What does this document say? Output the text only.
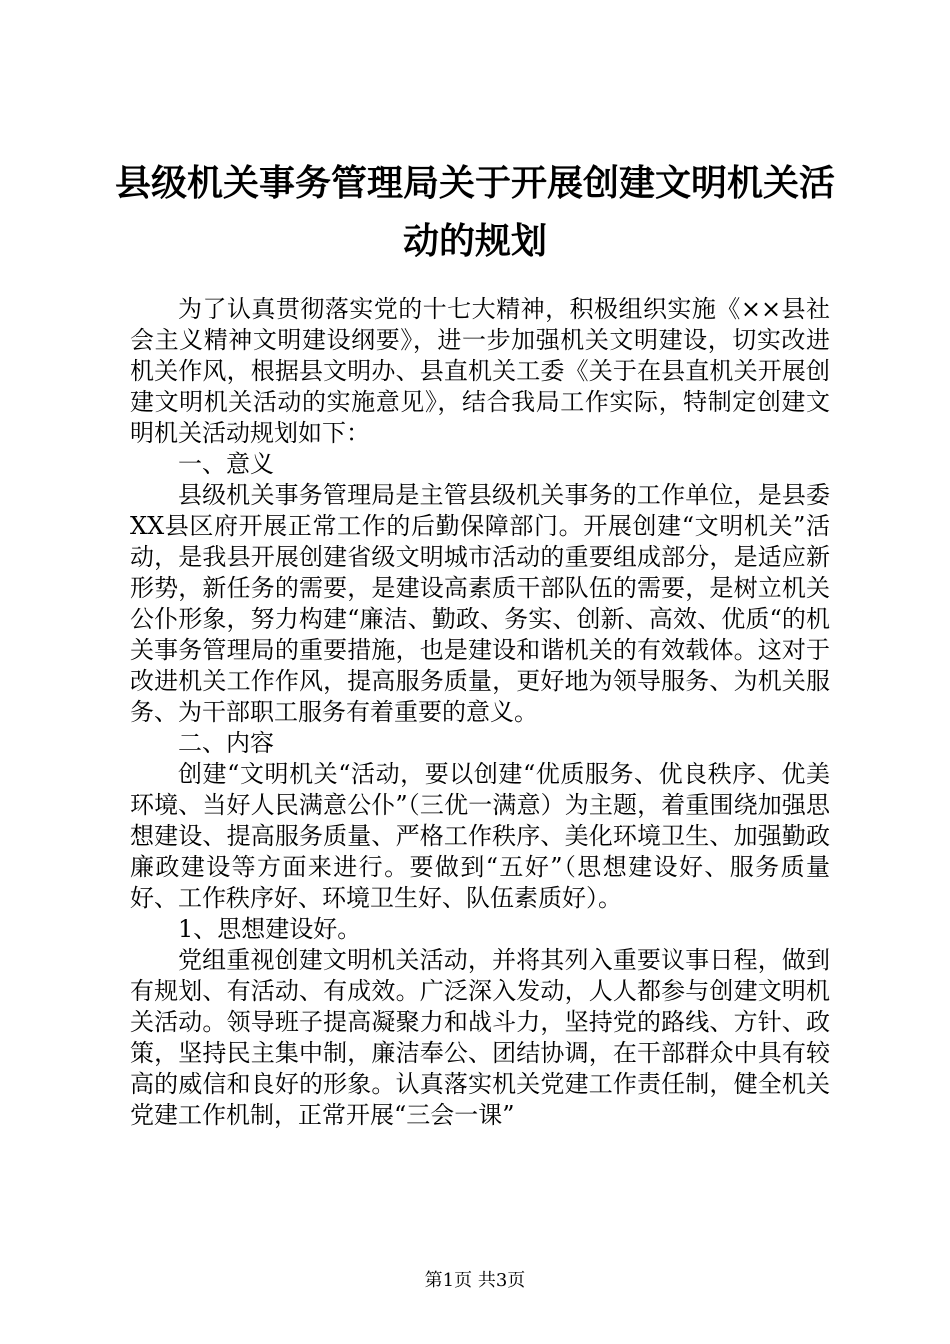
县级机关事务管理局关于开展创建文明机关活
动的规划

为了认真贯彻落实党的十七大精神，积极组织实施《××县社会主义精神文明建设纲要》，进一步加强机关文明建设，切实改进机关作风，根据县文明办、县直机关工委《关于在县直机关开展创建文明机关活动的实施意见》，结合我局工作实际，特制定创建文明机关活动规划如下：

一、意义

县级机关事务管理局是主管县级机关事务的工作单位，是县委XX县区府开展正常工作的后勤保障部门。开展创建“文明机关”活动，是我县开展创建省级文明城市活动的重要组成部分，是适应新形势，新任务的需要，是建设高素质干部队伍的需要，是树立机关公仆形象，努力构建“廉洁、勤政、务实、创新、高效、优质“的机关事务管理局的重要措施，也是建设和谐机关的有效载体。这对于改进机关工作作风，提高服务质量，更好地为领导服务、为机关服务、为干部职工服务有着重要的意义。

二、内容

创建“文明机关“活动，要以创建“优质服务、优良秩序、优美环境、当好人民满意公仆”（三优一满意）为主题，着重围绕加强思想建设、提高服务质量、严格工作秩序、美化环境卫生、加强勤政廉政建设等方面来进行。要做到“五好”（思想建设好、服务质量好、工作秩序好、环境卫生好、队伍素质好）。

1、思想建设好。

党组重视创建文明机关活动，并将其列入重要议事日程，做到有规划、有活动、有成效。广泛深入发动，人人都参与创建文明机关活动。领导班子提高凝聚力和战斗力，坚持党的路线、方针、政策，坚持民主集中制，廉洁奉公、团结协调，在干部群众中具有较高的威信和良好的形象。认真落实机关党建工作责任制，健全机关党建工作机制，正常开展“三会一课”

第1页 共3页
